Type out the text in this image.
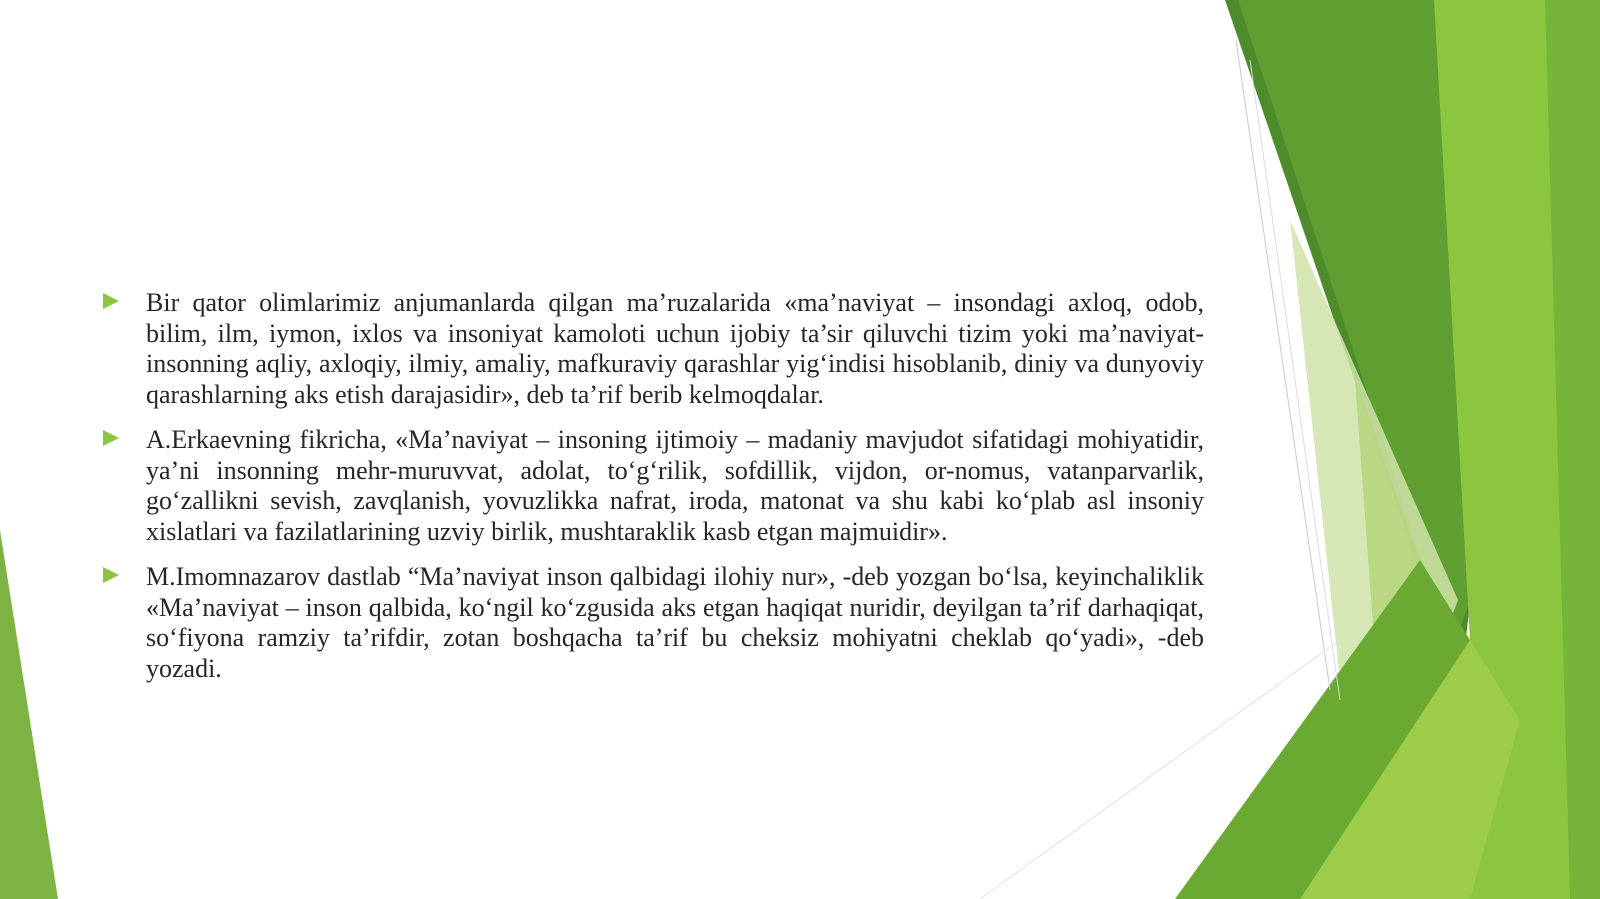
Bir qator olimlarimiz anjumanlarda qilgan ma’ruzalarida «ma’naviyat – insondagi axloq, odob, bilim, ilm, iymon, ixlos va insoniyat kamoloti uchun ijobiy ta’sir qiluvchi tizim yoki ma’naviyat- insonning aqliy, axloqiy, ilmiy, amaliy, mafkuraviy qarashlar yig‘indisi hisoblanib, diniy va dunyoviy qarashlarning aks etish darajasidir», deb ta’rif berib kelmoqdalar.
A.Erkaevning fikricha, «Ma’naviyat – insoning ijtimoiy – madaniy mavjudot sifatidagi mohiyatidir, ya’ni insonning mehr-muruvvat, adolat, to‘g‘rilik, sofdillik, vijdon, or-nomus, vatanparvarlik, go‘zallikni sevish, zavqlanish, yovuzlikka nafrat, iroda, matonat va shu kabi ko‘plab asl insoniy xislatlari va fazilatlarining uzviy birlik, mushtaraklik kasb etgan majmuidir».
M.Imomnazarov dastlab “Ma’naviyat inson qalbidagi ilohiy nur», -deb yozgan bo‘lsa, keyinchaliklik «Ma’naviyat – inson qalbida, ko‘ngil ko‘zgusida aks etgan haqiqat nuridir, deyilgan ta’rif darhaqiqat, so‘fiyona ramziy ta’rifdir, zotan boshqacha ta’rif bu cheksiz mohiyatni cheklab qo‘yadi», -deb yozadi.
